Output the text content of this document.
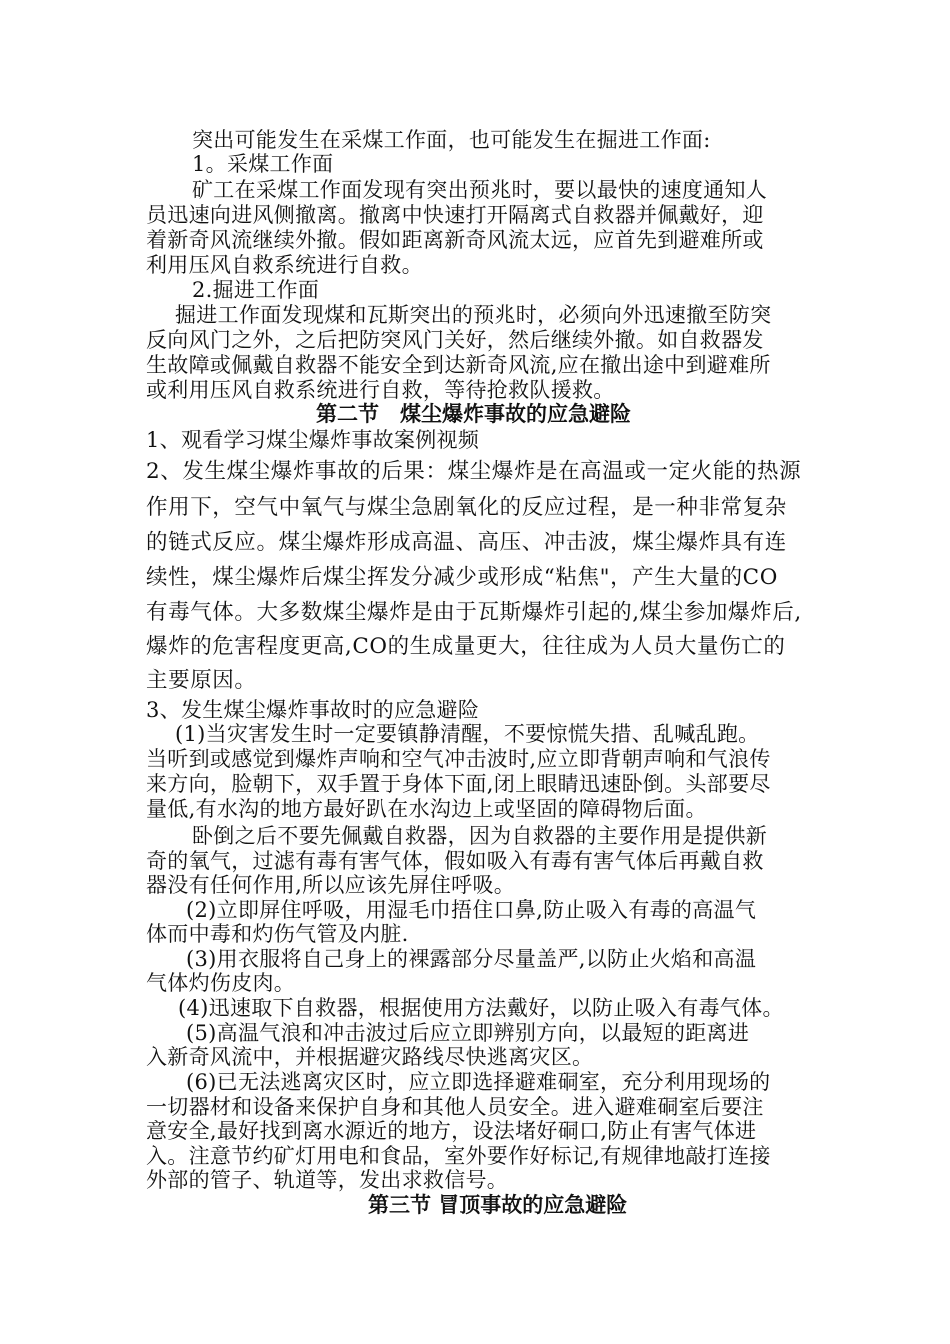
突出可能发生在采煤工作面，也可能发生在掘进工作面:
1。采煤工作面
矿工在采煤工作面发现有突出预兆时，要以最快的速度通知人
员迅速向进风侧撤离。撤离中快速打开隔离式自救器并佩戴好，迎
着新奇风流继续外撤。假如距离新奇风流太远，应首先到避难所或
利用压风自救系统进行自救。
2.掘进工作面
掘进工作面发现煤和瓦斯突出的预兆时，必须向外迅速撤至防突
反向风门之外，之后把防突风门关好，然后继续外撤。如自救器发
生故障或佩戴自救器不能安全到达新奇风流,应在撤出途中到避难所
或利用压风自救系统进行自救，等待抢救队援救。
第二节　煤尘爆炸事故的应急避险
1、观看学习煤尘爆炸事故案例视频
2、发生煤尘爆炸事故的后果：煤尘爆炸是在高温或一定火能的热源
作用下，空气中氧气与煤尘急剧氧化的反应过程，是一种非常复杂
的链式反应。煤尘爆炸形成高温、高压、冲击波，煤尘爆炸具有连
续性，煤尘爆炸后煤尘挥发分减少或形成“粘焦"，产生大量的CO
有毒气体。大多数煤尘爆炸是由于瓦斯爆炸引起的,煤尘参加爆炸后,
爆炸的危害程度更高,CO的生成量更大，往往成为人员大量伤亡的
主要原因。
3、发生煤尘爆炸事故时的应急避险
(1)当灾害发生时一定要镇静清醒，不要惊慌失措、乱喊乱跑。
当听到或感觉到爆炸声响和空气冲击波时,应立即背朝声响和气浪传
来方向，脸朝下，双手置于身体下面,闭上眼睛迅速卧倒。头部要尽
量低,有水沟的地方最好趴在水沟边上或坚固的障碍物后面。
卧倒之后不要先佩戴自救器，因为自救器的主要作用是提供新
奇的氧气，过滤有毒有害气体，假如吸入有毒有害气体后再戴自救
器没有任何作用,所以应该先屏住呼吸。
(2)立即屏住呼吸，用湿毛巾捂住口鼻,防止吸入有毒的高温气
体而中毒和灼伤气管及内脏.
(3)用衣服将自己身上的裸露部分尽量盖严,以防止火焰和高温
气体灼伤皮肉。
(4)迅速取下自救器，根据使用方法戴好，以防止吸入有毒气体。
(5)高温气浪和冲击波过后应立即辨别方向，以最短的距离进
入新奇风流中，并根据避灾路线尽快逃离灾区。
(6)已无法逃离灾区时，应立即选择避难硐室，充分利用现场的
一切器材和设备来保护自身和其他人员安全。进入避难硐室后要注
意安全,最好找到离水源近的地方，设法堵好硐口,防止有害气体进
入。注意节约矿灯用电和食品，室外要作好标记,有规律地敲打连接
外部的管子、轨道等，发出求救信号。
第三节 冒顶事故的应急避险
